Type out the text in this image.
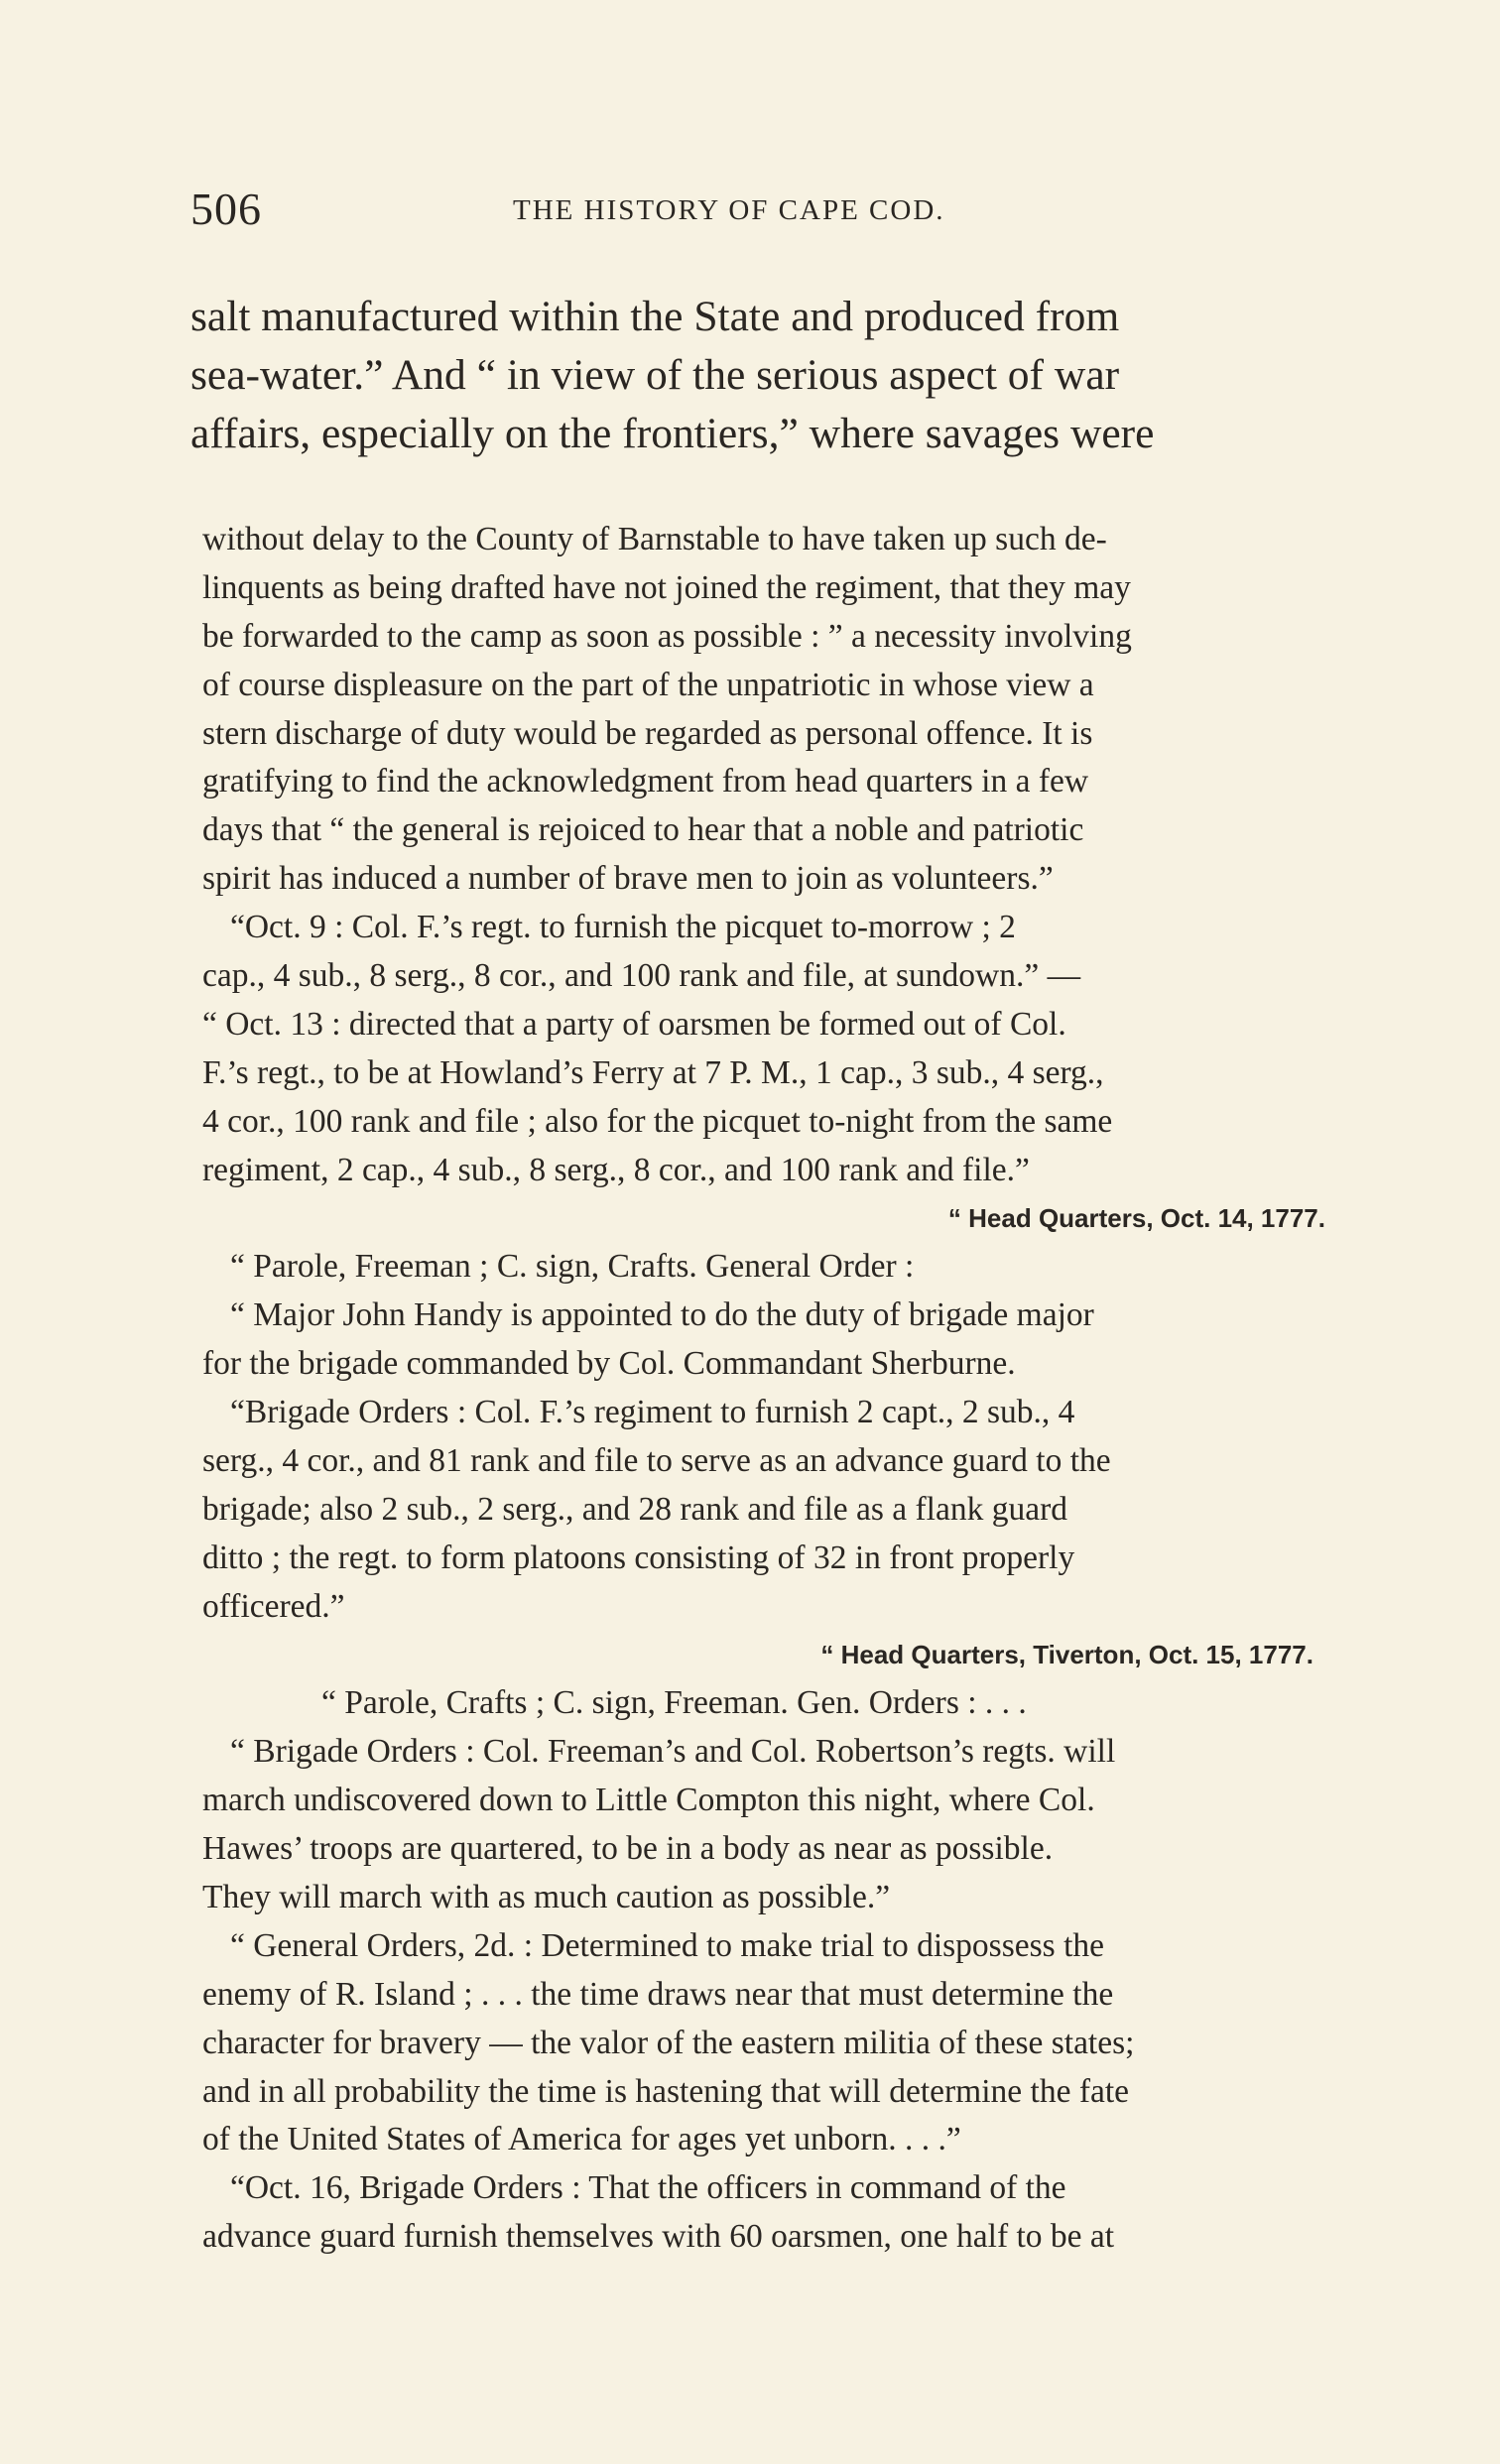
506	THE HISTORY OF CAPE COD.
salt manufactured within the State and produced from
sea-water.” And “ in view of the serious aspect of war
affairs, especially on the frontiers,” where savages were
without delay to the County of Barnstable to have taken up such de-
linquents as being drafted have not joined the regiment, that they may
be forwarded to the camp as soon as possible : ” a necessity involving
of course displeasure on the part of the unpatriotic in whose view a
stern discharge of duty would be regarded as personal offence. It is
gratifying to find the acknowledgment from head quarters in a few
days that “ the general is rejoiced to hear that a noble and patriotic
spirit has induced a number of brave men to join as volunteers.”
“Oct. 9 : Col. F.’s regt. to furnish the picquet to-morrow ; 2
cap., 4 sub., 8 serg., 8 cor., and 100 rank and file, at sundown.” —
“ Oct. 13 : directed that a party of oarsmen be formed out of Col.
F.’s regt., to be at Howland’s Ferry at 7 P. M., 1 cap., 3 sub., 4 serg.,
4 cor., 100 rank and file ; also for the picquet to-night from the same
regiment, 2 cap., 4 sub., 8 serg., 8 cor., and 100 rank and file.”
“ Head Quarters, Oct. 14, 1777.
“ Parole, Freeman ; C. sign, Crafts. General Order :
“ Major John Handy is appointed to do the duty of brigade major
for the brigade commanded by Col. Commandant Sherburne.
“Brigade Orders : Col. F.’s regiment to furnish 2 capt., 2 sub., 4
serg., 4 cor., and 81 rank and file to serve as an advance guard to the
brigade; also 2 sub., 2 serg., and 28 rank and file as a flank guard
ditto ; the regt. to form platoons consisting of 32 in front properly
officered.”
“ Head Quarters, Tiverton, Oct. 15, 1777.
“ Parole, Crafts ; C. sign, Freeman. Gen. Orders : . . .
“ Brigade Orders : Col. Freeman’s and Col. Robertson’s regts. will
march undiscovered down to Little Compton this night, where Col.
Hawes’ troops are quartered, to be in a body as near as possible.
They will march with as much caution as possible.”
“ General Orders, 2d. : Determined to make trial to dispossess the
enemy of R. Island ; . . . the time draws near that must determine the
character for bravery — the valor of the eastern militia of these states;
and in all probability the time is hastening that will determine the fate
of the United States of America for ages yet unborn. . . .”
“Oct. 16, Brigade Orders : That the officers in command of the
advance guard furnish themselves with 60 oarsmen, one half to be at
